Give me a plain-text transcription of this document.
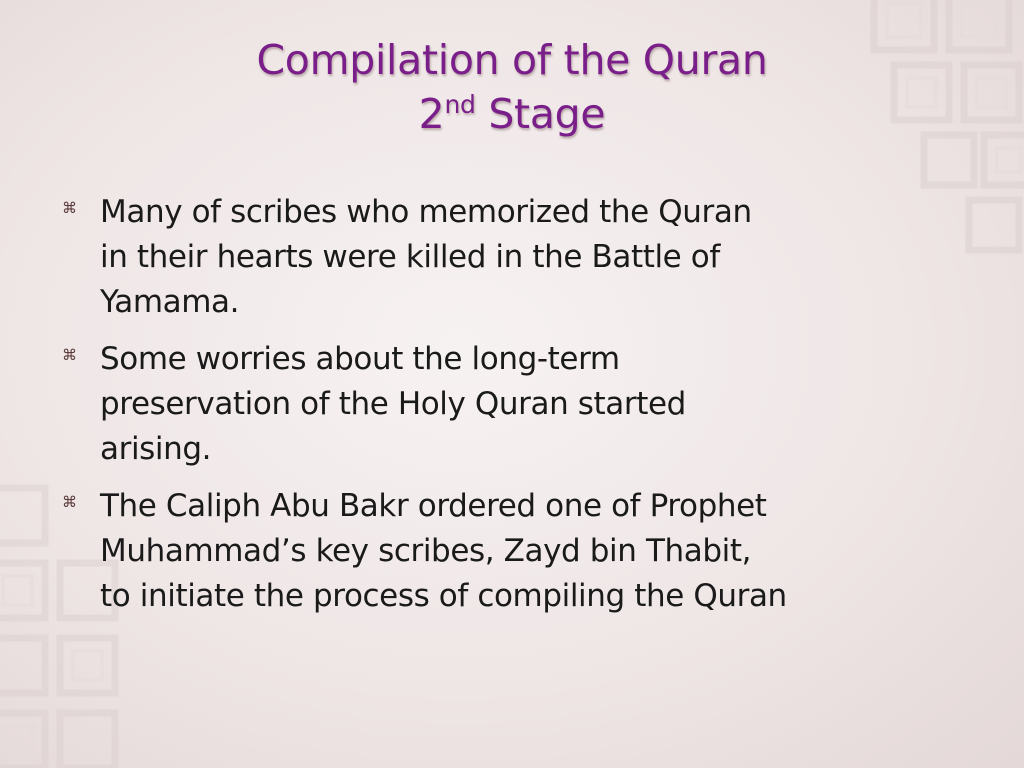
Compilation of the Quran
2nd Stage
⌘ Many of scribes who memorized the Quran
in their hearts were killed in the Battle of
Yamama.
⌘ Some worries about the long-term
preservation of the Holy Quran started
arising.
⌘ The Caliph Abu Bakr ordered one of Prophet
Muhammad’s key scribes, Zayd bin Thabit,
to initiate the process of compiling the Quran
